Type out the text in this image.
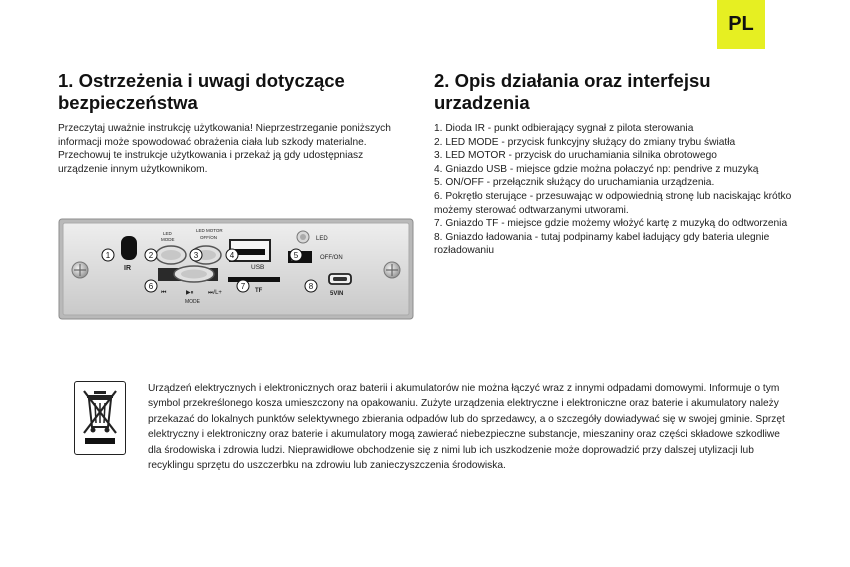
PL
1. Ostrzeżenia i uwagi dotyczące bezpieczeństwa

Przeczytaj uważnie instrukcję użytkowania! Nieprzestrzeganie poniższych informacji może spowodować obrażenia ciała lub szkody materialne. Przechowuj te instrukcje użytkowania i przekaż ją gdy udostępniasz urządzenie innym użytkownikom.

2. Opis działania oraz interfejsu urzadzenia
1. Dioda IR - punkt odbierający sygnał z pilota sterowania
2. LED MODE - przycisk funkcyjny służący do zmiany trybu światła
3. LED MOTOR - przycisk do uruchamiania silnika obrotowego
4. Gniazdo USB - miejsce gdzie można połaczyć np: pendrive z muzyką
5. ON/OFF - przełącznik służący do uruchamiania urządzenia.
6. Pokrętło sterujące - przesuwając w odpowiednią stronę lub naciskając krótko możemy sterować odtwarzanymi utworami.
7. Gniazdo TF - miejsce gdzie możemy włożyć kartę z muzyką do odtworzenia
8. Gniazdo ładowania - tutaj podpinamy kabel ładujący gdy bateria ulegnie rozładowaniu
IR
LED
MODE
LED MOTOR
OFF/ON
USB
LED
OFF/ON
⏮	▶⏸ ⏭/L+
MODE
TF	5VIN
1	2	3	4	5
6	7	8

Urządzeń elektrycznych i elektronicznych oraz baterii i akumulatorów nie można łączyć wraz z innymi odpadami domowymi. Informuje o tym symbol przekreślonego kosza umieszczony na opakowaniu. Zużyte urządzenia elektryczne i elektroniczne oraz baterie i akumulatory należy przekazać do lokalnych punktów selektywnego zbierania odpadów lub do sprzedawcy, a o szczegóły dowiadywać się w swojej gminie. Sprzęt elektryczny i elektroniczny oraz baterie i akumulatory mogą zawierać niebezpieczne substancje, mieszaniny oraz części składowe szkodliwe dla środowiska i zdrowia ludzi. Nieprawidłowe obchodzenie się z nimi lub ich uszkodzenie może doprowadzić przy dalszej utylizacji lub recyklingu sprzętu do uszczerbku na zdrowiu lub zanieczyszczenia środowiska.
